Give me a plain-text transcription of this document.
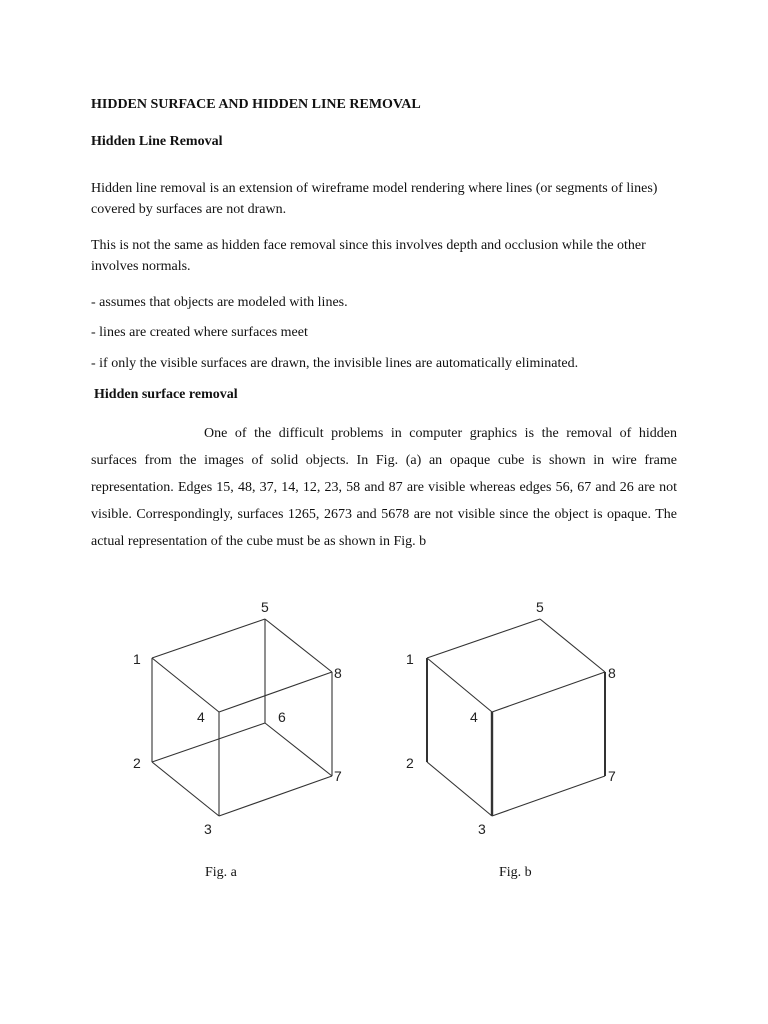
HIDDEN SURFACE AND HIDDEN LINE REMOVAL
Hidden Line Removal

Hidden line removal is an extension of wireframe model rendering where lines (or segments of lines) covered by surfaces are not drawn.

This is not the same as hidden face removal since this involves depth and occlusion while the other involves normals.

- assumes that objects are modeled with lines.

- lines are created where surfaces meet

- if only the visible surfaces are drawn, the invisible lines are automatically eliminated.

Hidden surface removal

One of the difficult problems in computer graphics is the removal of hidden surfaces from the images of solid objects. In Fig. (a) an opaque cube is shown in wire frame representation. Edges 15, 48, 37, 14, 12, 23, 58 and 87 are visible whereas edges 56, 67 and 26 are not visible. Correspondingly, surfaces 1265, 2673 and 5678 are not visible since the object is opaque. The actual representation of the cube must be as shown in Fig. b

1
2
3
4
5
6
7
8
1
2
3
4
5
7
8

Fig. a	Fig. b
